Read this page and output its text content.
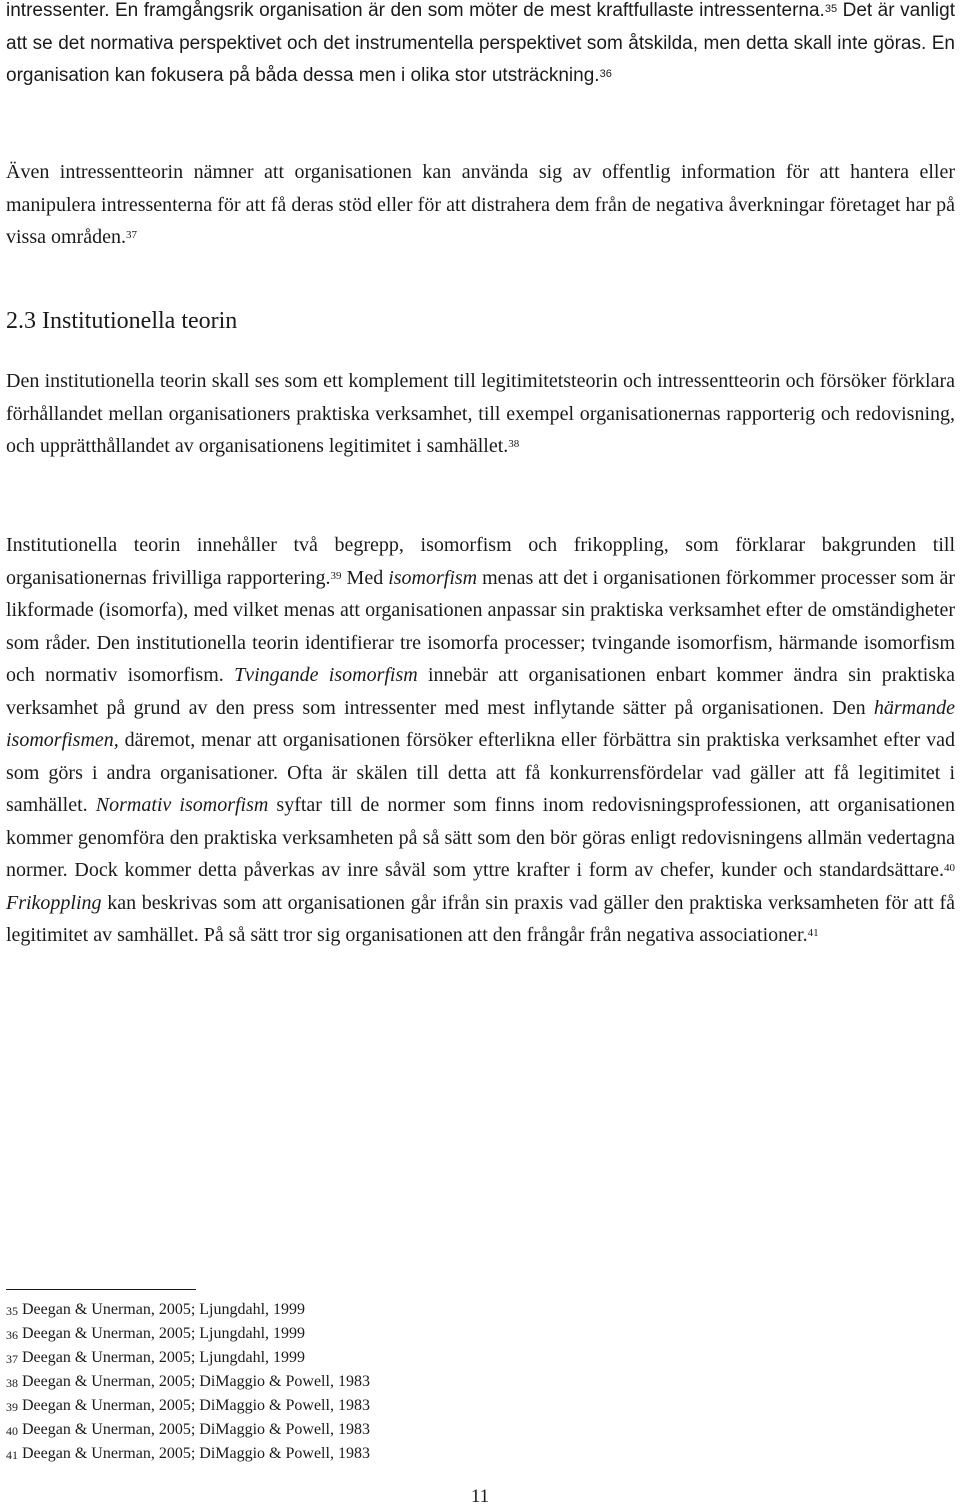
intressenter. En framgångsrik organisation är den som möter de mest kraftfullaste intressenterna.$^{35}$ Det är vanligt att se det normativa perspektivet och det instrumentella perspektivet som åtskilda, men detta skall inte göras. En organisation kan fokusera på båda dessa men i olika stor utsträckning.$^{36}$

Även intressentteorin nämner att organisationen kan använda sig av offentlig information för att hantera eller manipulera intressenterna för att få deras stöd eller för att distrahera dem från de negativa åverkningar företaget har på vissa områden.$^{37}$

2.3 Institutionella teorin

Den institutionella teorin skall ses som ett komplement till legitimitetsteorin och intressentteorin och försöker förklara förhållandet mellan organisationers praktiska verksamhet, till exempel organisationernas rapporterig och redovisning, och upprätthållandet av organisationens legitimitet i samhället.$^{38}$

Institutionella teorin innehåller två begrepp, isomorfism och frikoppling, som förklarar bakgrunden till organisationernas frivilliga rapportering.$^{39}$ Med isomorfism menas att det i organisationen förkommer processer som är likformade (isomorfa), med vilket menas att organisationen anpassar sin praktiska verksamhet efter de omständigheter som råder. Den institutionella teorin identifierar tre isomorfa processer; tvingande isomorfism, härmande isomorfism och normativ isomorfism. Tvingande isomorfism innebär att organisationen enbart kommer ändra sin praktiska verksamhet på grund av den press som intressenter med mest inflytande sätter på organisationen. Den härmande isomorfismen, däremot, menar att organisationen försöker efterlikna eller förbättra sin praktiska verksamhet efter vad som görs i andra organisationer. Ofta är skälen till detta att få konkurrensfördelar vad gäller att få legitimitet i samhället. Normativ isomorfism syftar till de normer som finns inom redovisningsprofessionen, att organisationen kommer genomföra den praktiska verksamheten på så sätt som den bör göras enligt redovisningens allmän vedertagna normer. Dock kommer detta påverkas av inre såväl som yttre krafter i form av chefer, kunder och standardsättare.$^{40}$ Frikoppling kan beskrivas som att organisationen går ifrån sin praxis vad gäller den praktiska verksamheten för att få legitimitet av samhället. På så sätt tror sig organisationen att den frångår från negativa associationer.$^{41}$

$^{35}$ Deegan & Unerman, 2005; Ljungdahl, 1999
$^{36}$ Deegan & Unerman, 2005; Ljungdahl, 1999
$^{37}$ Deegan & Unerman, 2005; Ljungdahl, 1999
$^{38}$ Deegan & Unerman, 2005; DiMaggio & Powell, 1983
$^{39}$ Deegan & Unerman, 2005; DiMaggio & Powell, 1983
$^{40}$ Deegan & Unerman, 2005; DiMaggio & Powell, 1983
$^{41}$ Deegan & Unerman, 2005; DiMaggio & Powell, 1983
11
